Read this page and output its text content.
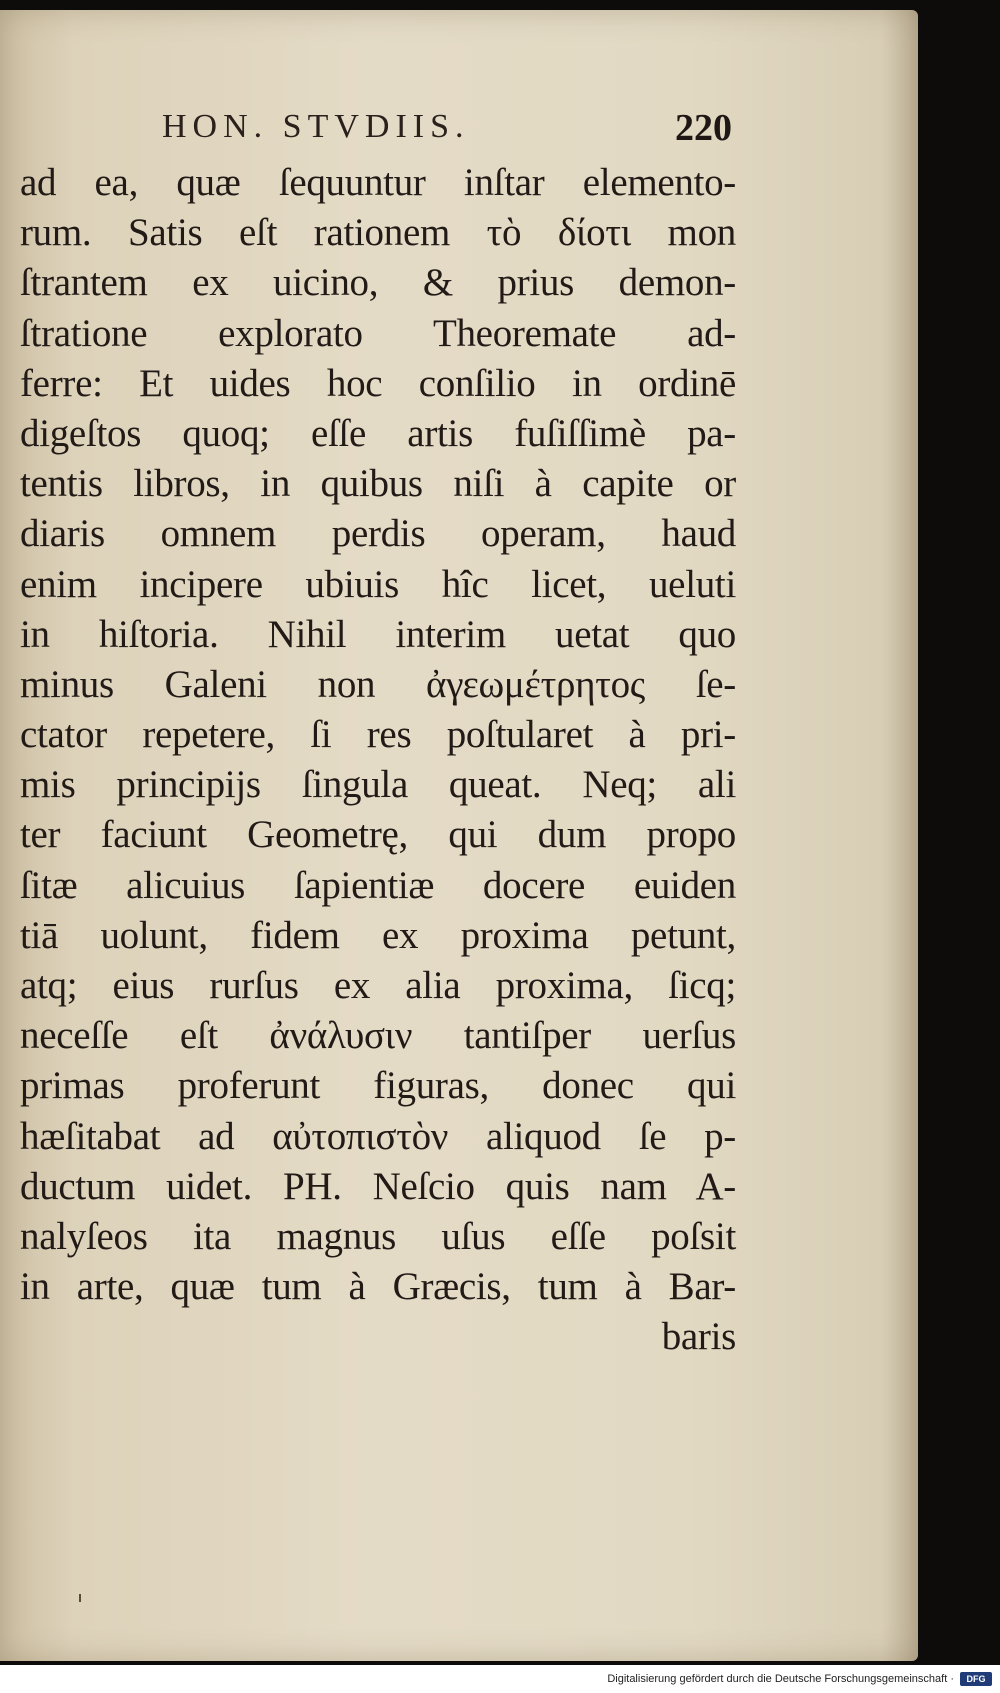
HON. STVDIIS.	220
ad ea, quæ ſequuntur inſtar elemento-
rum. Satis eſt rationem τὸ δίοτι mon
ſtrantem ex uicino, & prius demon-
ſtratione explorato Theoremate ad-
ferre: Et uides hoc conſilio in ordinē
digeſtos quoq; eſſe artis fuſiſſimè pa-
tentis libros, in quibus niſi à capite or
diaris omnem perdis operam, haud
enim incipere ubiuis hîc licet, ueluti
in hiſtoria. Nihil interim uetat quo
minus Galeni non ἀγεωμέτρητος ſe-
ctator repetere, ſi res poſtularet à pri-
mis principijs ſingula queat. Neq; ali
ter faciunt Geometrę, qui dum propo
ſitæ alicuius ſapientiæ docere euiden
tiā uolunt, fidem ex proxima petunt,
atq; eius rurſus ex alia proxima, ſicq;
neceſſe eſt ἀνάλυσιν tantiſper uerſus
primas proferunt figuras, donec qui
hæſitabat ad αὐτοπιστὸν aliquod ſe p-
ductum uidet. PH. Neſcio quis nam A-
nalyſeos ita magnus uſus eſſe poſsit
in arte, quæ tum à Græcis, tum à Bar-
baris
Digitalisierung gefördert durch die Deutsche Forschungsgemeinschaft ·	DFG
